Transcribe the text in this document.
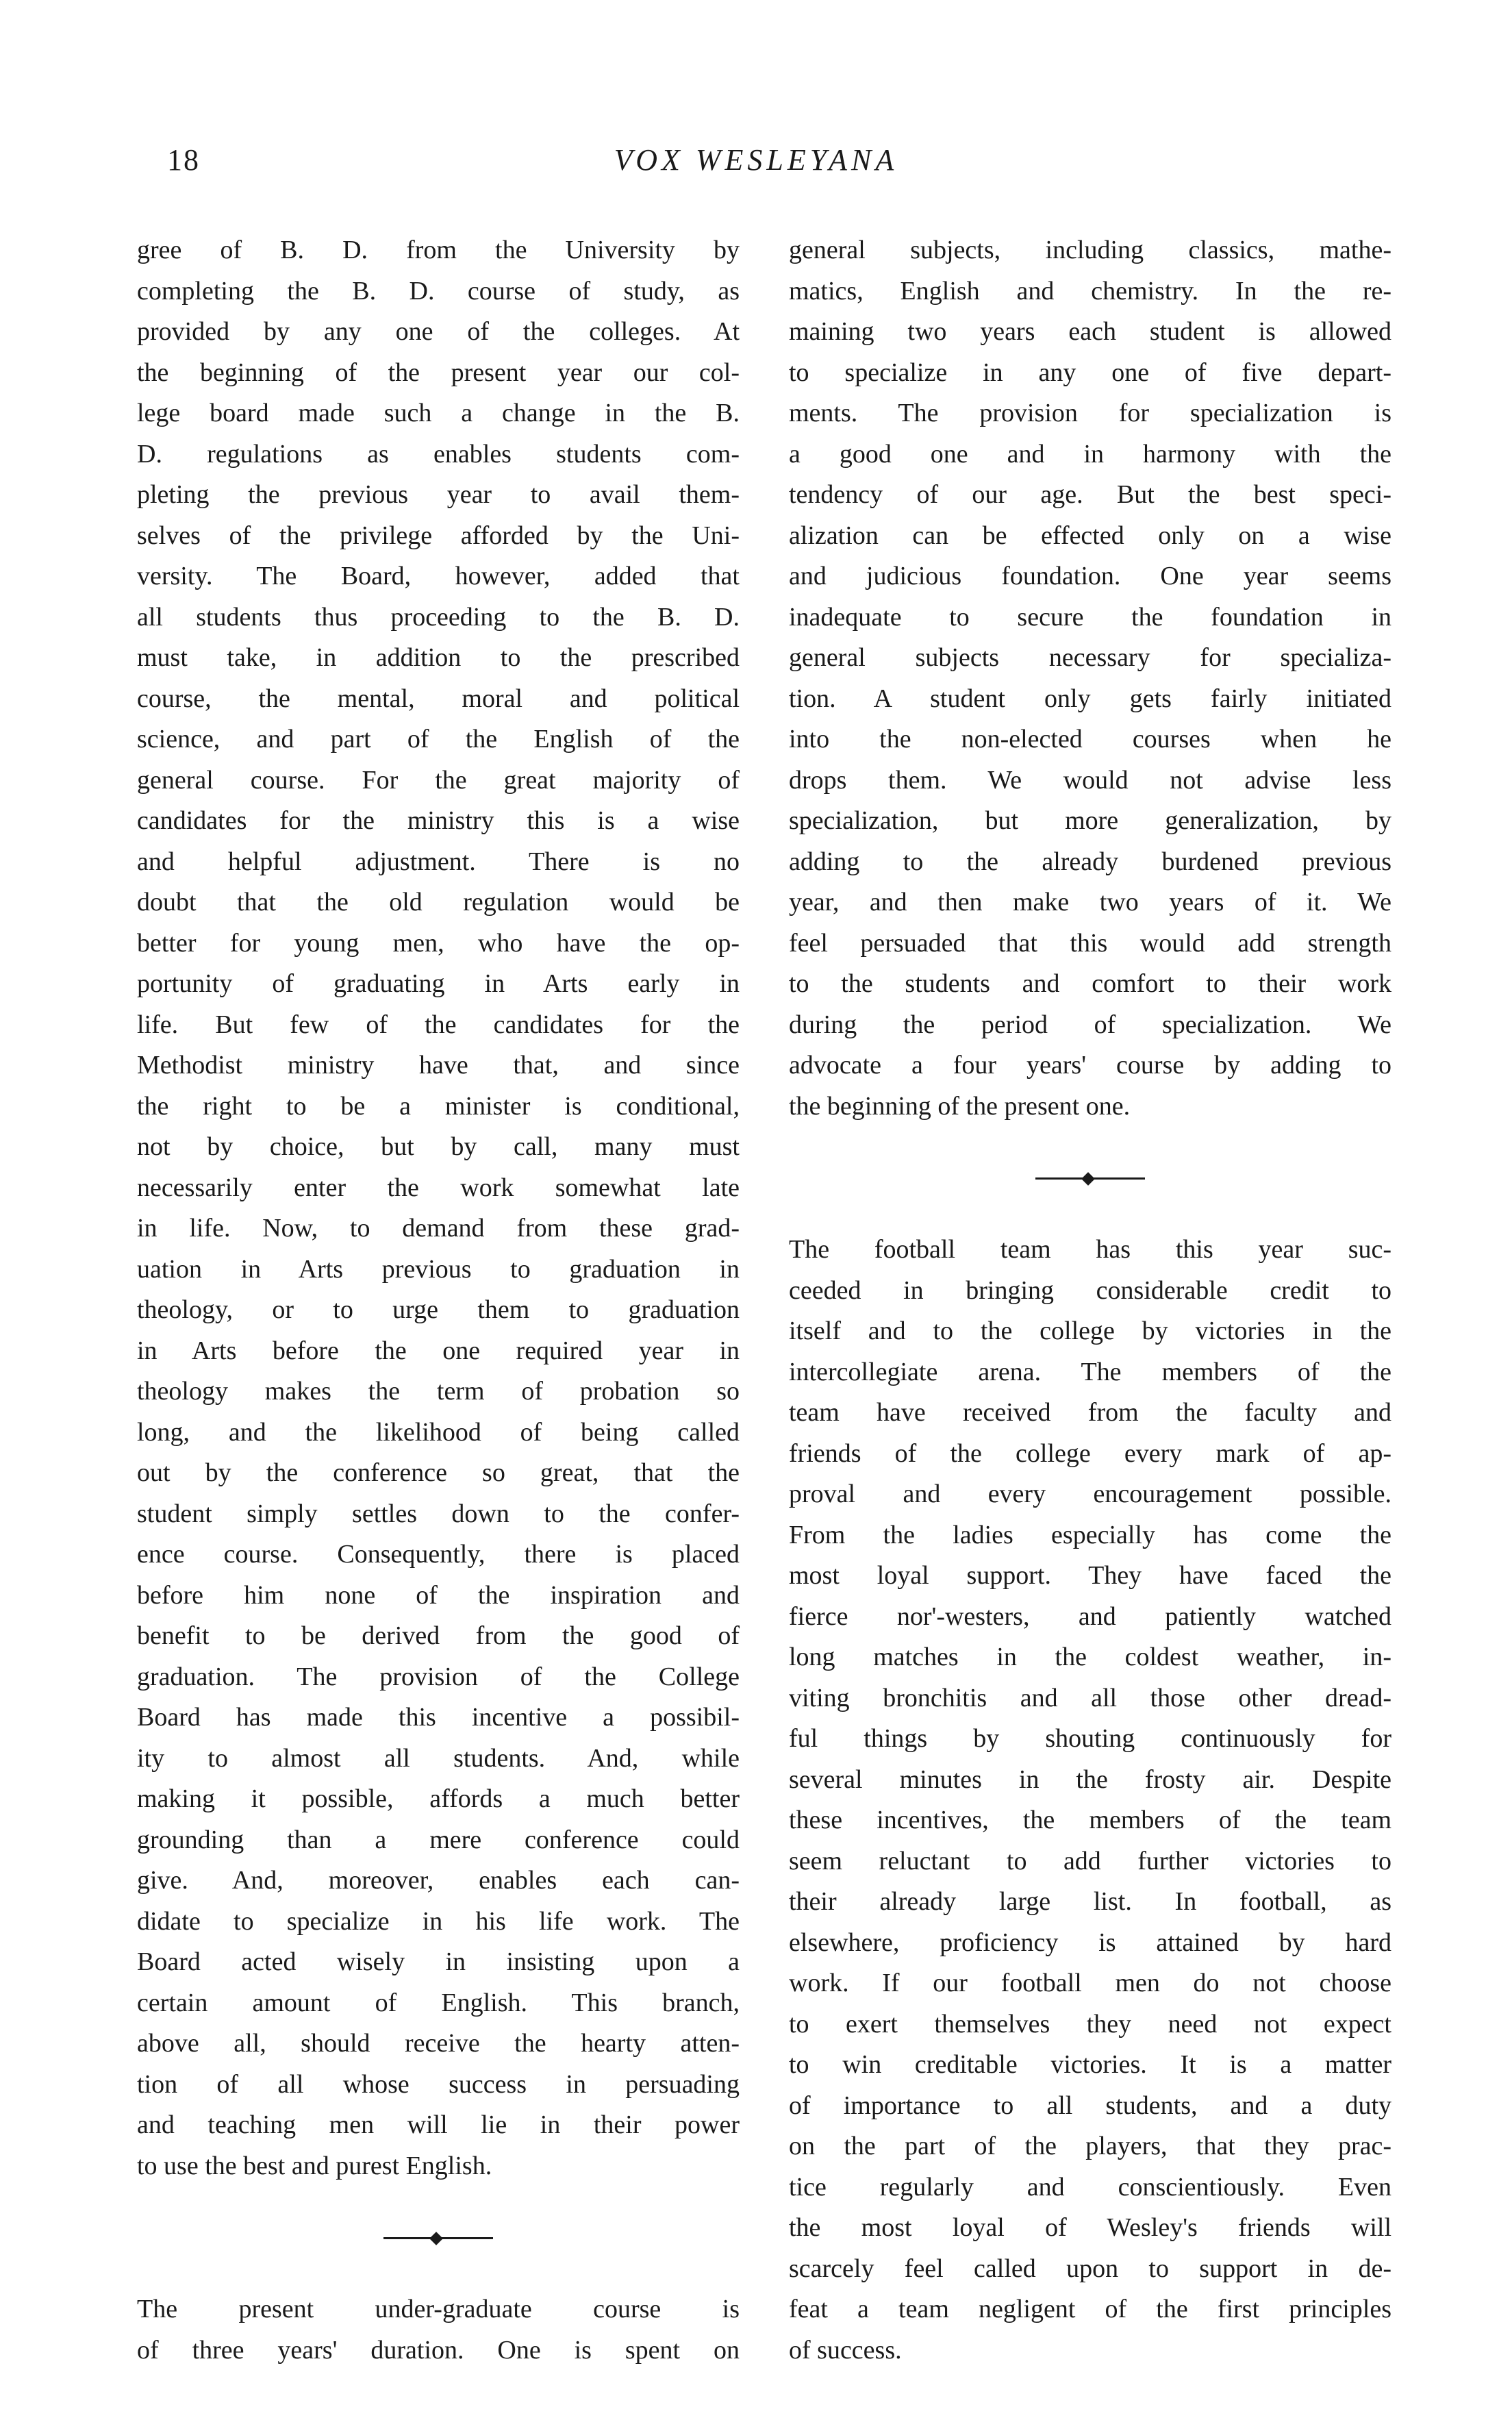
18	VOX WESLEYANA
gree of B. D. from the University by
completing the B. D. course of study, as
provided by any one of the colleges. At
the beginning of the present year our col-
lege board made such a change in the B.
D. regulations as enables students com-
pleting the previous year to avail them-
selves of the privilege afforded by the Uni-
versity. The Board, however, added that
all students thus proceeding to the B. D.
must take, in addition to the prescribed
course, the mental, moral and political
science, and part of the English of the
general course. For the great majority of
candidates for the ministry this is a wise
and helpful adjustment. There is no
doubt that the old regulation would be
better for young men, who have the op-
portunity of graduating in Arts early in
life. But few of the candidates for the
Methodist ministry have that, and since
the right to be a minister is conditional,
not by choice, but by call, many must
necessarily enter the work somewhat late
in life. Now, to demand from these grad-
uation in Arts previous to graduation in
theology, or to urge them to graduation
in Arts before the one required year in
theology makes the term of probation so
long, and the likelihood of being called
out by the conference so great, that the
student simply settles down to the confer-
ence course. Consequently, there is placed
before him none of the inspiration and
benefit to be derived from the good of
graduation. The provision of the College
Board has made this incentive a possibil-
ity to almost all students. And, while
making it possible, affords a much better
grounding than a mere conference could
give. And, moreover, enables each can-
didate to specialize in his life work. The
Board acted wisely in insisting upon a
certain amount of English. This branch,
above all, should receive the hearty atten-
tion of all whose success in persuading
and teaching men will lie in their power
to use the best and purest English.
The present under-graduate course is
of three years' duration. One is spent on
general subjects, including classics, mathe-
matics, English and chemistry. In the re-
maining two years each student is allowed
to specialize in any one of five depart-
ments. The provision for specialization is
a good one and in harmony with the
tendency of our age. But the best speci-
alization can be effected only on a wise
and judicious foundation. One year seems
inadequate to secure the foundation in
general subjects necessary for specializa-
tion. A student only gets fairly initiated
into the non-elected courses when he
drops them. We would not advise less
specialization, but more generalization, by
adding to the already burdened previous
year, and then make two years of it. We
feel persuaded that this would add strength
to the students and comfort to their work
during the period of specialization. We
advocate a four years' course by adding to
the beginning of the present one.
The football team has this year suc-
ceeded in bringing considerable credit to
itself and to the college by victories in the
intercollegiate arena. The members of the
team have received from the faculty and
friends of the college every mark of ap-
proval and every encouragement possible.
From the ladies especially has come the
most loyal support. They have faced the
fierce nor'-westers, and patiently watched
long matches in the coldest weather, in-
viting bronchitis and all those other dread-
ful things by shouting continuously for
several minutes in the frosty air. Despite
these incentives, the members of the team
seem reluctant to add further victories to
their already large list. In football, as
elsewhere, proficiency is attained by hard
work. If our football men do not choose
to exert themselves they need not expect
to win creditable victories. It is a matter
of importance to all students, and a duty
on the part of the players, that they prac-
tice regularly and conscientiously. Even
the most loyal of Wesley's friends will
scarcely feel called upon to support in de-
feat a team negligent of the first principles
of success.
